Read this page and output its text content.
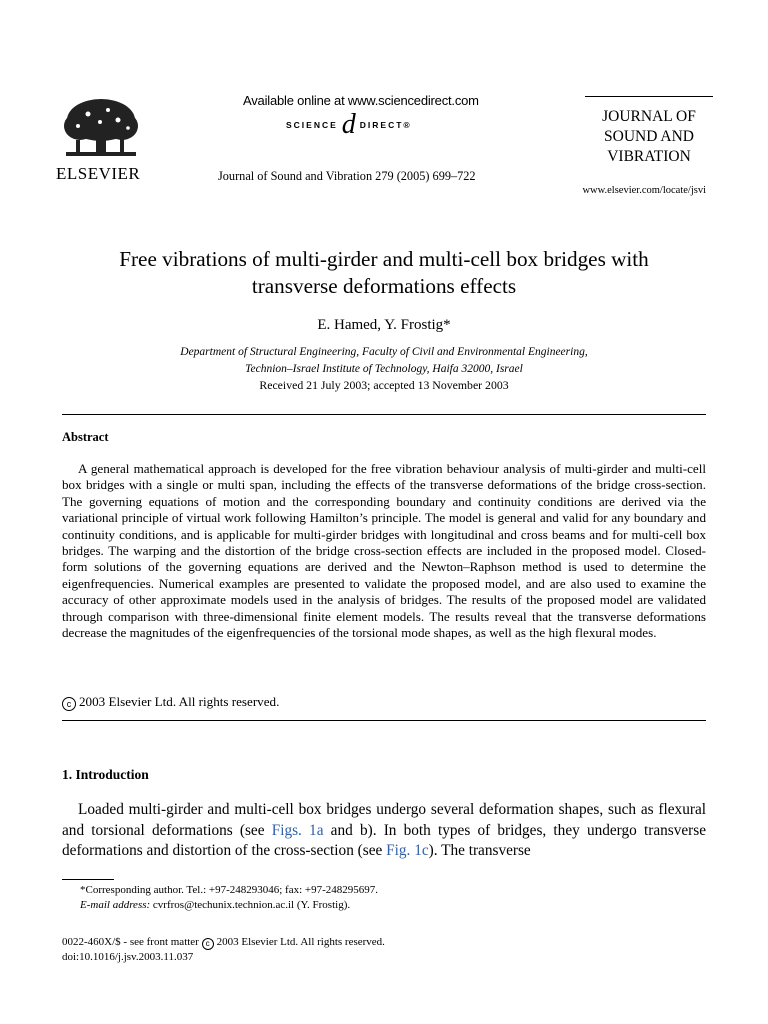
ELSEVIER
Available online at www.sciencedirect.com
SCIENCE d DIRECT®
Journal of Sound and Vibration 279 (2005) 699–722
JOURNAL OF
SOUND AND
VIBRATION
www.elsevier.com/locate/jsvi
Free vibrations of multi-girder and multi-cell box bridges with
transverse deformations effects
E. Hamed, Y. Frostig*
Department of Structural Engineering, Faculty of Civil and Environmental Engineering,
Technion–Israel Institute of Technology, Haifa 32000, Israel
Received 21 July 2003; accepted 13 November 2003
Abstract
A general mathematical approach is developed for the free vibration behaviour analysis of multi-girder and multi-cell box bridges with a single or multi span, including the effects of the transverse deformations of the bridge cross-section. The governing equations of motion and the corresponding boundary and continuity conditions are derived via the variational principle of virtual work following Hamilton’s principle. The model is general and valid for any boundary and continuity conditions, and is applicable for multi-girder bridges with longitudinal and cross beams and for multi-cell box bridges. The warping and the distortion of the bridge cross-section effects are included in the proposed model. Closed-form solutions of the governing equations are derived and the Newton–Raphson method is used to determine the eigenfrequencies. Numerical examples are presented to validate the proposed model, and are also used to examine the accuracy of other approximate models used in the analysis of bridges. The results of the proposed model are validated through comparison with three-dimensional finite element models. The results reveal that the transverse deformations decrease the magnitudes of the eigenfrequencies of the torsional mode shapes, as well as the high flexural modes.
c 2003 Elsevier Ltd. All rights reserved.
1. Introduction
Loaded multi-girder and multi-cell box bridges undergo several deformation shapes, such as flexural and torsional deformations (see Figs. 1a and b). In both types of bridges, they undergo transverse deformations and distortion of the cross-section (see Fig. 1c). The transverse
*Corresponding author. Tel.: +97-248293046; fax: +97-248295697.
E-mail address: cvrfros@techunix.technion.ac.il (Y. Frostig).
0022-460X/$ - see front matter c 2003 Elsevier Ltd. All rights reserved.
doi:10.1016/j.jsv.2003.11.037
